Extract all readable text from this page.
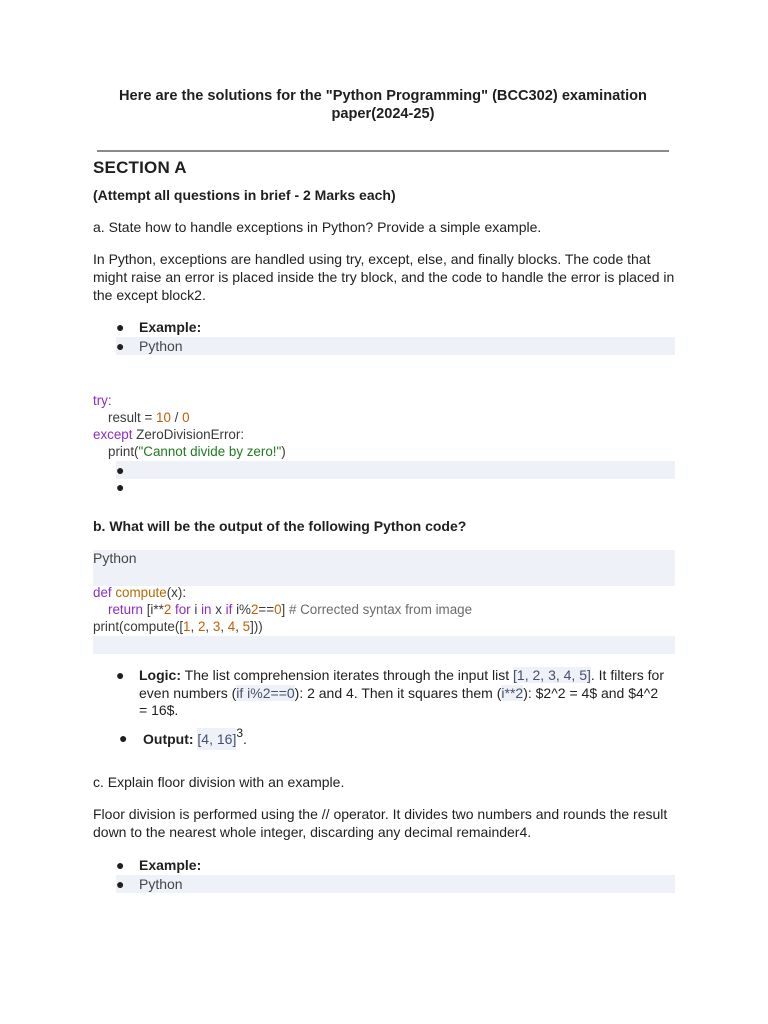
Here are the solutions for the "Python Programming" (BCC302) examination paper(2024-25)
SECTION A
(Attempt all questions in brief - 2 Marks each)
a. State how to handle exceptions in Python? Provide a simple example.
In Python, exceptions are handled using try, except, else, and finally blocks. The code that might raise an error is placed inside the try block, and the code to handle the error is placed in the except block2.
● Example:
● Python
try:
result = 10 / 0
except ZeroDivisionError:
print("Cannot divide by zero!")
●
●
b. What will be the output of the following Python code?
Python
def compute(x):
return [i**2 for i in x if i%2==0] # Corrected syntax from image
print(compute([1, 2, 3, 4, 5]))
● Logic: The list comprehension iterates through the input list [1, 2, 3, 4, 5]. It filters for
even numbers (if i%2==0): 2 and 4. Then it squares them (i**2): $2^2 = 4$ and $4^2
= 16$.
● Output: [4, 16]3.
c. Explain floor division with an example.
Floor division is performed using the // operator. It divides two numbers and rounds the result down to the nearest whole integer, discarding any decimal remainder4.
● Example:
● Python
